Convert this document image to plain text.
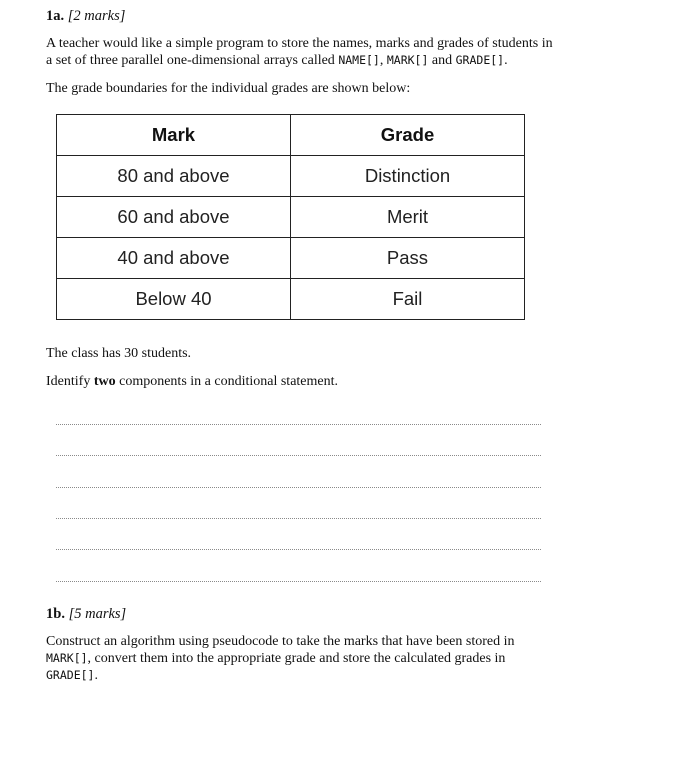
1a. [2 marks]

A teacher would like a simple program to store the names, marks and grades of students in
a set of three parallel one-dimensional arrays called NAME[], MARK[] and GRADE[].

The grade boundaries for the individual grades are shown below:

Mark	Grade
80 and above	Distinction
60 and above	Merit
40 and above	Pass
Below 40	Fail

The class has 30 students.

Identify two components in a conditional statement.

1b. [5 marks]

Construct an algorithm using pseudocode to take the marks that have been stored in
MARK[], convert them into the appropriate grade and store the calculated grades in
GRADE[].
